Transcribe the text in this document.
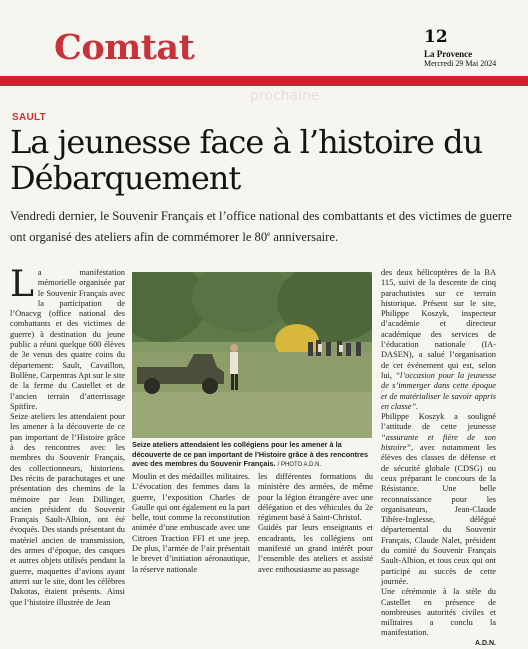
Comtat	12
La Provence
Mercredi 29 Mai 2024
prochaine
SAULT
La jeunesse face à l’histoire du Débarquement

Vendredi dernier, le Souvenir Français et l’office national des combattants et des victimes de guerre ont organisé des ateliers afin de commémorer le 80e anniversaire.

L a manifestation mémorielle organisée par le Souvenir Français avec la participation de l’Onacvg (office national des combattants et des victimes de guerre) à destination du jeune public a réuni quelque 600 élèves de 3e venus des quatre coins du département: Sault, Cavaillon, Bollène, Carpentras Apt sur le site de la ferme du Castellet et de l’ancien terrain d’atterrissage Spitfire.

Seize ateliers les attendaient pour les amener à la découverte de ce pan important de l’Histoire grâce à des rencontres avec les membres du Souvenir Français, des collectionneurs, historiens. Des récits de parachutages et une présentation des chemins de la mémoire par Jean Dillinger, ancien président du Souvenir Français Sault-Albion, ont été évoqués. Des stands présentant du matériel ancien de transmission, des armes d’époque, des casques et autres objets utilisés pendant la guerre, maquettes d’avions ayant atterri sur le site, dont les célèbres Dakotas, étaient présents. Ainsi que l’histoire illustrée de Jean

Seize ateliers attendaient les collégiens pour les amener à la découverte de ce pan important de l’Histoire grâce à des rencontres avec des membres du Souvenir Français. / PHOTO A.D.N.

Moulin et des médailles militaires. L’évocation des femmes dans la guerre, l’exposition Charles de Gaulle qui ont également eu la part belle, tout comme la reconstitution animée d’une embuscade avec une Citroen Traction FFI et une jeep. De plus, l’armée de l’air présentait le brevet d’initiation aéronautique, la réserve nationale

les différentes formations du ministère des armées, de même pour la légion étrangère avec une délégation et des véhicules du 2e régiment basé à Saint-Christol.

Guidés par leurs enseignants et encadrants, les collégiens ont manifesté un grand intérêt pour l’ensemble des ateliers et assisté avec enthousiasme au passage

des deux hélicoptères de la BA 115, suivi de la descente de cinq parachutistes sur ce terrain historique. Présent sur le site, Philippe Koszyk, inspecteur d’académie et directeur académique des services de l’éducation nationale (IA-DASEN), a salué l’organisation de cet événement qui est, selon lui, “l’occasion pour la jeunesse de s’immerger dans cette époque et de matérialiser le savoir appris en classe”.

Philippe Koszyk a souligné l’attitude de cette jeunesse “assurante et fière de son histoire”, avec notamment les élèves des classes de défense et de sécurité globale (CDSG) ou ceux préparant le concours de la Résistance. Une belle reconnaissance pour les organisateurs, Jean-Claude Tibère-Inglesse, délégué départemental du Souvenir Français, Claude Nalet, président du comité du Souvenir Français Sault-Albion, et tous ceux qui ont participé au succès de cette journée.

Une cérémonie à la stèle du Castellet en présence de nombreuses autorités civiles et militaires a conclu la manifestation.

A.D.N.
